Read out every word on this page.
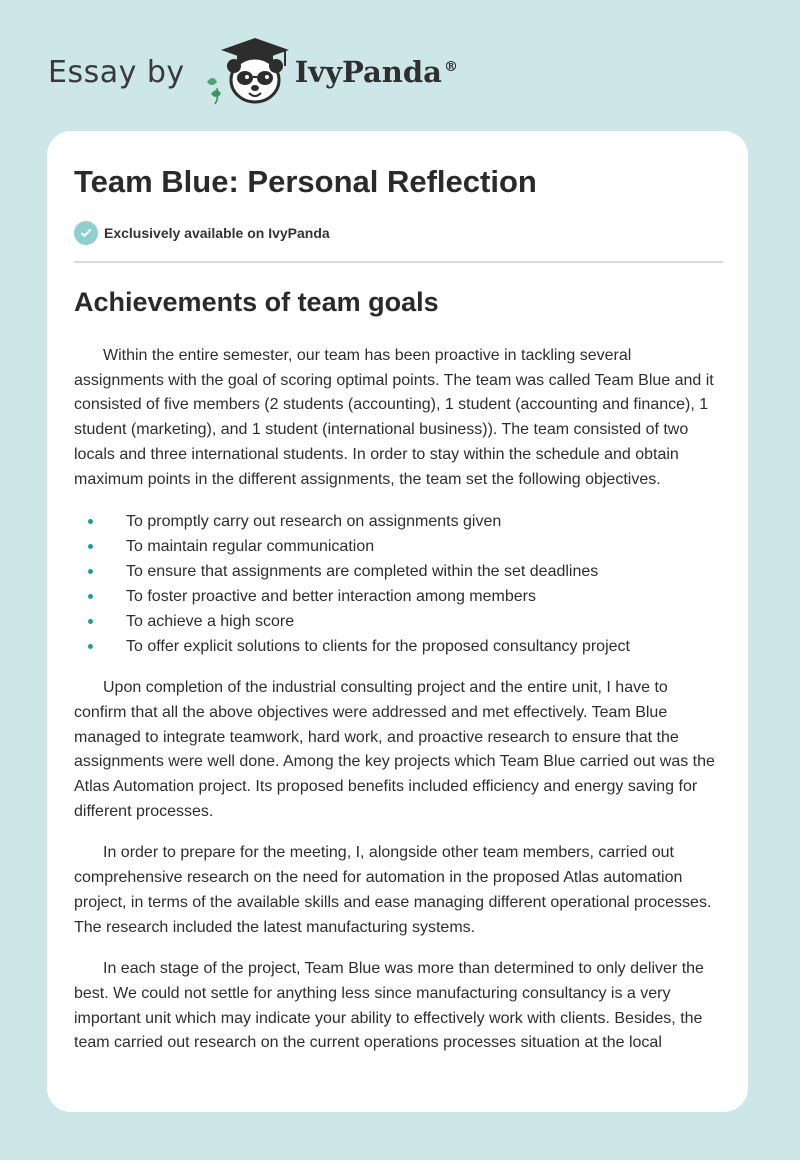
Essay by	IvyPanda ®
Team Blue: Personal Reflection
Exclusively available on IvyPanda
Achievements of team goals

Within the entire semester, our team has been proactive in tackling several assignments with the goal of scoring optimal points. The team was called Team Blue and it consisted of five members (2 students (accounting), 1 student (accounting and finance), 1 student (marketing), and 1 student (international business)). The team consisted of two locals and three international students. In order to stay within the schedule and obtain maximum points in the different assignments, the team set the following objectives.

To promptly carry out research on assignments given
To maintain regular communication
To ensure that assignments are completed within the set deadlines
To foster proactive and better interaction among members
To achieve a high score
To offer explicit solutions to clients for the proposed consultancy project

Upon completion of the industrial consulting project and the entire unit, I have to confirm that all the above objectives were addressed and met effectively. Team Blue managed to integrate teamwork, hard work, and proactive research to ensure that the assignments were well done. Among the key projects which Team Blue carried out was the Atlas Automation project. Its proposed benefits included efficiency and energy saving for different processes.

In order to prepare for the meeting, I, alongside other team members, carried out comprehensive research on the need for automation in the proposed Atlas automation project, in terms of the available skills and ease managing different operational processes. The research included the latest manufacturing systems.

In each stage of the project, Team Blue was more than determined to only deliver the best. We could not settle for anything less since manufacturing consultancy is a very important unit which may indicate your ability to effectively work with clients. Besides, the team carried out research on the current operations processes situation at the local
